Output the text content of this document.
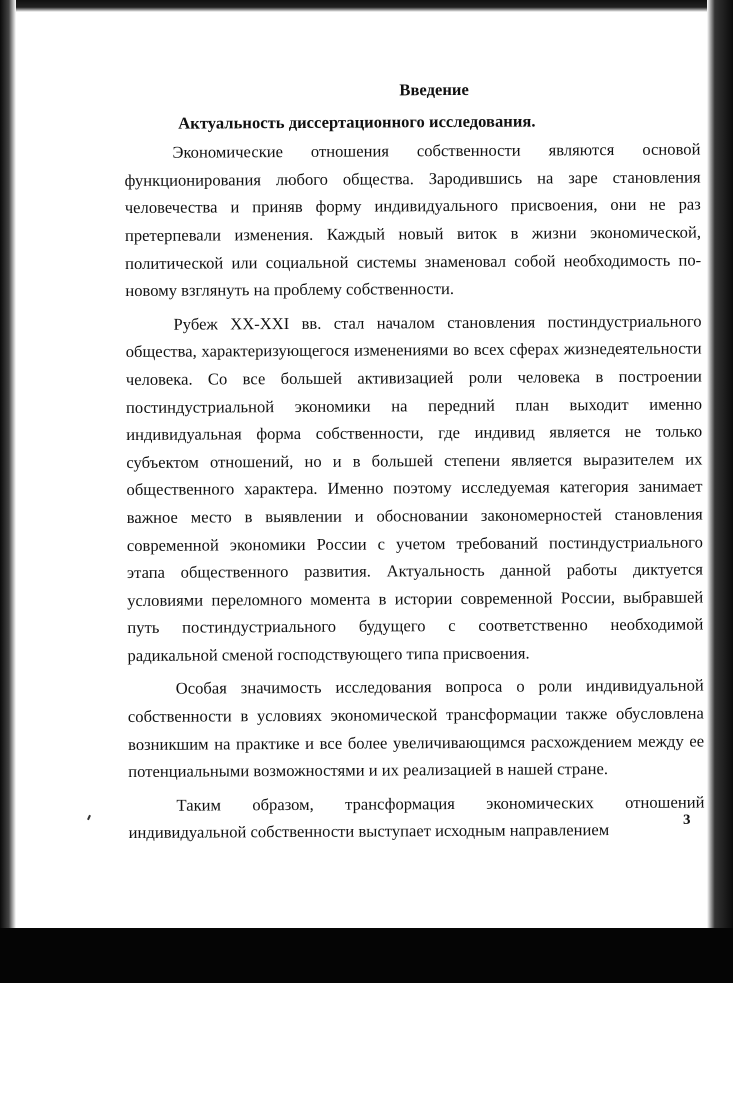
Введение
Актуальность диссертационного исследования.

Экономические отношения собственности являются основой функционирования любого общества. Зародившись на заре становления человечества и приняв форму индивидуального присвоения, они не раз претерпевали изменения. Каждый новый виток в жизни экономической, политической или социальной системы знаменовал собой необходимость по-новому взглянуть на проблему собственности.

Рубеж XX-XXI вв. стал началом становления постиндустриального общества, характеризующегося изменениями во всех сферах жизнедеятельности человека. Со все большей активизацией роли человека в построении постиндустриальной экономики на передний план выходит именно индивидуальная форма собственности, где индивид является не только субъектом отношений, но и в большей степени является выразителем их общественного характера. Именно поэтому исследуемая категория занимает важное место в выявлении и обосновании закономерностей становления современной экономики России с учетом требований постиндустриального этапа общественного развития. Актуальность данной работы диктуется условиями переломного момента в истории современной России, выбравшей путь постиндустриального будущего с соответственно необходимой радикальной сменой господствующего типа присвоения.

Особая значимость исследования вопроса о роли индивидуальной собственности в условиях экономической трансформации также обусловлена возникшим на практике и все более увеличивающимся расхождением между ее потенциальными возможностями и их реализацией в нашей стране.

Таким образом, трансформация экономических отношений индивидуальной собственности выступает исходным направлением

3
